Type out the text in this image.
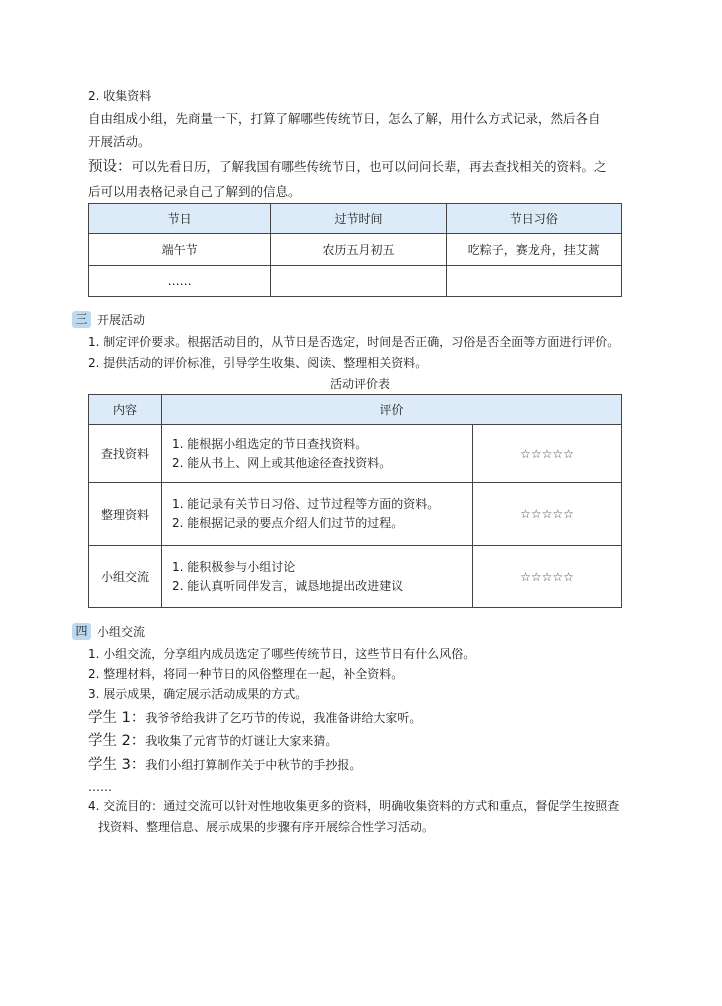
2. 收集资料
自由组成小组，先商量一下，打算了解哪些传统节日，怎么了解，用什么方式记录，然后各自
开展活动。
预设：可以先看日历，了解我国有哪些传统节日，也可以问问长辈，再去查找相关的资料。之
后可以用表格记录自己了解到的信息。
节日	过节时间	节日习俗
端午节	农历五月初五	吃粽子，赛龙舟，挂艾蒿
……		
三 开展活动
1. 制定评价要求。根据活动目的，从节日是否选定，时间是否正确，习俗是否全面等方面进行评价。
2. 提供活动的评价标准，引导学生收集、阅读、整理相关资料。
活动评价表
内容	评价	
查找资料	1. 能根据小组选定的节日查找资料。
2. 能从书上、网上或其他途径查找资料。	☆☆☆☆☆
整理资料	1. 能记录有关节日习俗、过节过程等方面的资料。
2. 能根据记录的要点介绍人们过节的过程。	☆☆☆☆☆
小组交流	1. 能积极参与小组讨论
2. 能认真听同伴发言，诚恳地提出改进建议	☆☆☆☆☆
四 小组交流
1. 小组交流，分享组内成员选定了哪些传统节日，这些节日有什么风俗。
2. 整理材料，将同一种节日的风俗整理在一起，补全资料。
3. 展示成果，确定展示活动成果的方式。
学生 1：我爷爷给我讲了乞巧节的传说，我准备讲给大家听。
学生 2：我收集了元宵节的灯谜让大家来猜。
学生 3：我们小组打算制作关于中秋节的手抄报。
……
4. 交流目的：通过交流可以针对性地收集更多的资料，明确收集资料的方式和重点，督促学生按照查
找资料、整理信息、展示成果的步骤有序开展综合性学习活动。
